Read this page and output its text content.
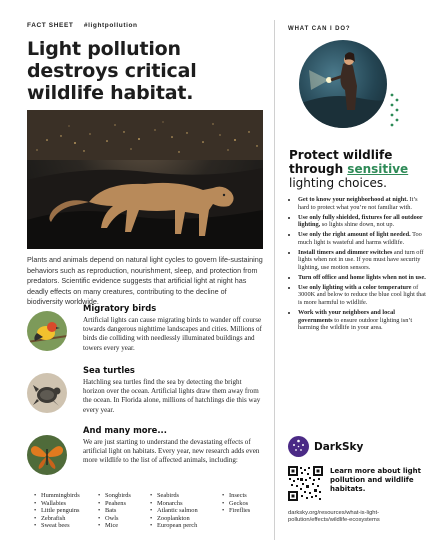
FACT SHEET #lightpollution
Light pollution destroys critical wildlife habitat.
Plants and animals depend on natural light cycles to govern life-sustaining behaviors such as reproduction, nourishment, sleep, and protection from predators. Scientific evidence suggests that artificial light at night has deadly effects on many creatures, contributing to the decline of biodiversity worldwide.
Migratory birds

Artificial lights can cause migrating birds to wander off course towards dangerous nighttime landscapes and cities. Millions of birds die colliding with needlessly illuminated buildings and towers every year.

Sea turtles

Hatchling sea turtles find the sea by detecting the bright horizon over the ocean. Artificial lights draw them away from the ocean. In Florida alone, millions of hatchlings die this way every year.

And many more...

We are just starting to understand the devastating effects of artificial light on habitats. Every year, new research adds even more wildlife to the list of affected animals, including:

• Hummingbirds
• Wallabies
• Little penguins
• Zebrafish
• Sweat bees
• Songbirds
• Peahens
• Bats
• Owls
• Mice
• Seabirds
• Monarchs
• Atlantic salmon
• Zooplankton
• European perch
• Insects
• Geckos
• Fireflies
WHAT CAN I DO?
Protect wildlife through sensitive lighting choices.
• Get to know your neighborhood at night. It’s hard to protect what you’re not familiar with.
• Use only fully shielded, fixtures for all outdoor lighting, so lights shine down, not up.
• Use only the right amount of light needed. Too much light is wasteful and harms wildlife.
• Install timers and dimmer switches and turn off lights when not in use. If you must have security lighting, use motion sensors.
• Turn off office and home lights when not in use.
• Use only lighting with a color temperature of 3000K and below to reduce the blue cool light that is more harmful to wildlife.
• Work with your neighbors and local governments to ensure outdoor lighting isn’t harming the wildlife in your area.
DarkSky
Learn more about light pollution and wildlife habitats.
darksky.org/resources/what-is-light-pollution/effects/wildlife-ecosystems
